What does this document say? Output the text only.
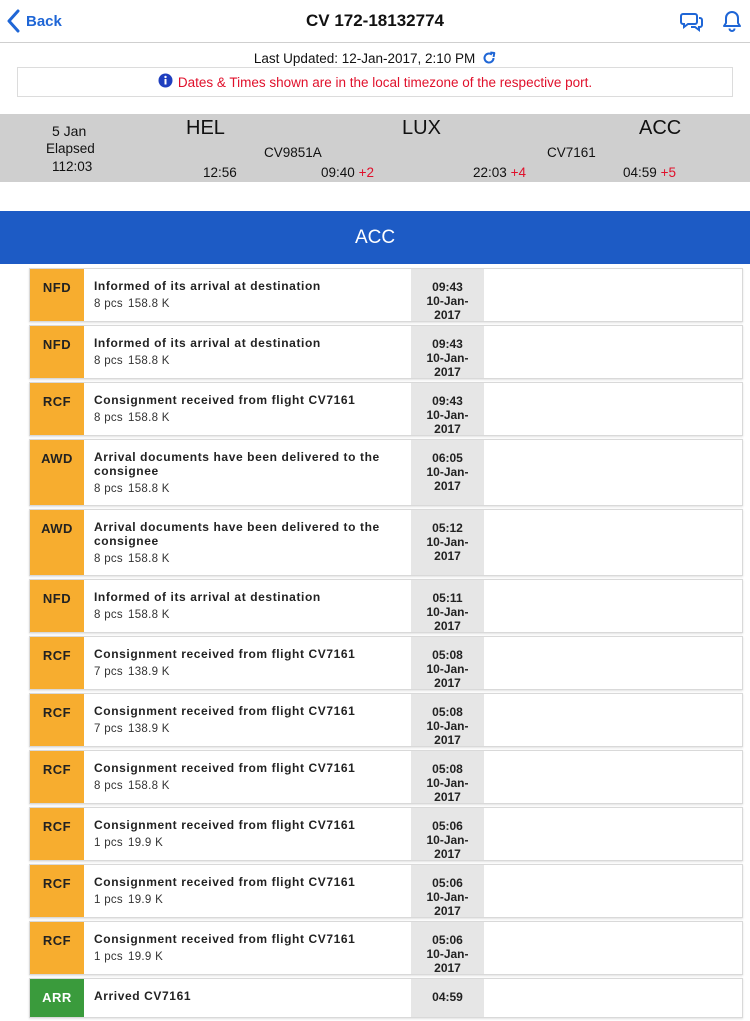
Back	CV 172-18132774
Last Updated: 12-Jan-2017, 2:10 PM
Dates & Times shown are in the local timezone of the respective port.
5 Jan
Elapsed
112:03
HEL	LUX	ACC
CV9851A	CV7161
12:56	09:40 +2	22:03 +4	04:59 +5
ACC
NFD	Informed of its arrival at destination
8 pcs 158.8 K
09:43
10-Jan-
2017
NFD	Informed of its arrival at destination
8 pcs 158.8 K
09:43
10-Jan-
2017
RCF	Consignment received from flight CV7161
8 pcs 158.8 K
09:43
10-Jan-
2017
AWD	Arrival documents have been delivered to the consignee
8 pcs 158.8 K
06:05
10-Jan-
2017
AWD	Arrival documents have been delivered to the consignee
8 pcs 158.8 K
05:12
10-Jan-
2017
NFD	Informed of its arrival at destination
8 pcs 158.8 K
05:11
10-Jan-
2017
RCF	Consignment received from flight CV7161
7 pcs 138.9 K
05:08
10-Jan-
2017
RCF	Consignment received from flight CV7161
7 pcs 138.9 K
05:08
10-Jan-
2017
RCF	Consignment received from flight CV7161
8 pcs 158.8 K
05:08
10-Jan-
2017
RCF	Consignment received from flight CV7161
1 pcs 19.9 K
05:06
10-Jan-
2017
RCF	Consignment received from flight CV7161
1 pcs 19.9 K
05:06
10-Jan-
2017
RCF	Consignment received from flight CV7161
1 pcs 19.9 K
05:06
10-Jan-
2017
ARR	Arrived CV7161	04:59
